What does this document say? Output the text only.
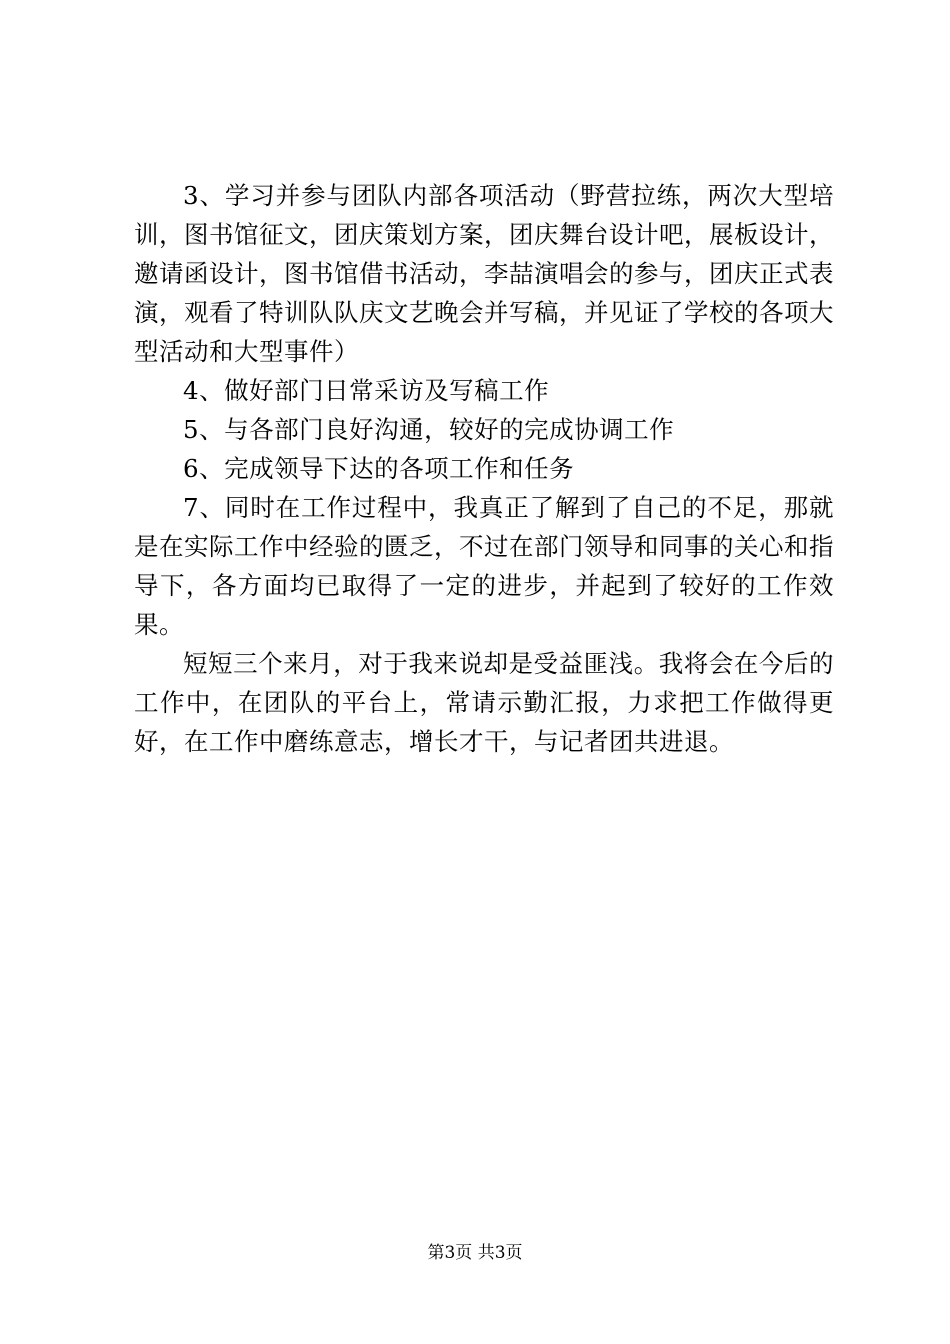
3、学习并参与团队内部各项活动（野营拉练，两次大型培训，图书馆征文，团庆策划方案，团庆舞台设计吧，展板设计，邀请函设计，图书馆借书活动，李喆演唱会的参与，团庆正式表演，观看了特训队队庆文艺晚会并写稿，并见证了学校的各项大型活动和大型事件）

4、做好部门日常采访及写稿工作

5、与各部门良好沟通，较好的完成协调工作

6、完成领导下达的各项工作和任务

7、同时在工作过程中，我真正了解到了自己的不足，那就是在实际工作中经验的匮乏，不过在部门领导和同事的关心和指导下，各方面均已取得了一定的进步，并起到了较好的工作效果。

短短三个来月，对于我来说却是受益匪浅。我将会在今后的工作中，在团队的平台上，常请示勤汇报，力求把工作做得更好，在工作中磨练意志，增长才干，与记者团共进退。

第3页 共3页
